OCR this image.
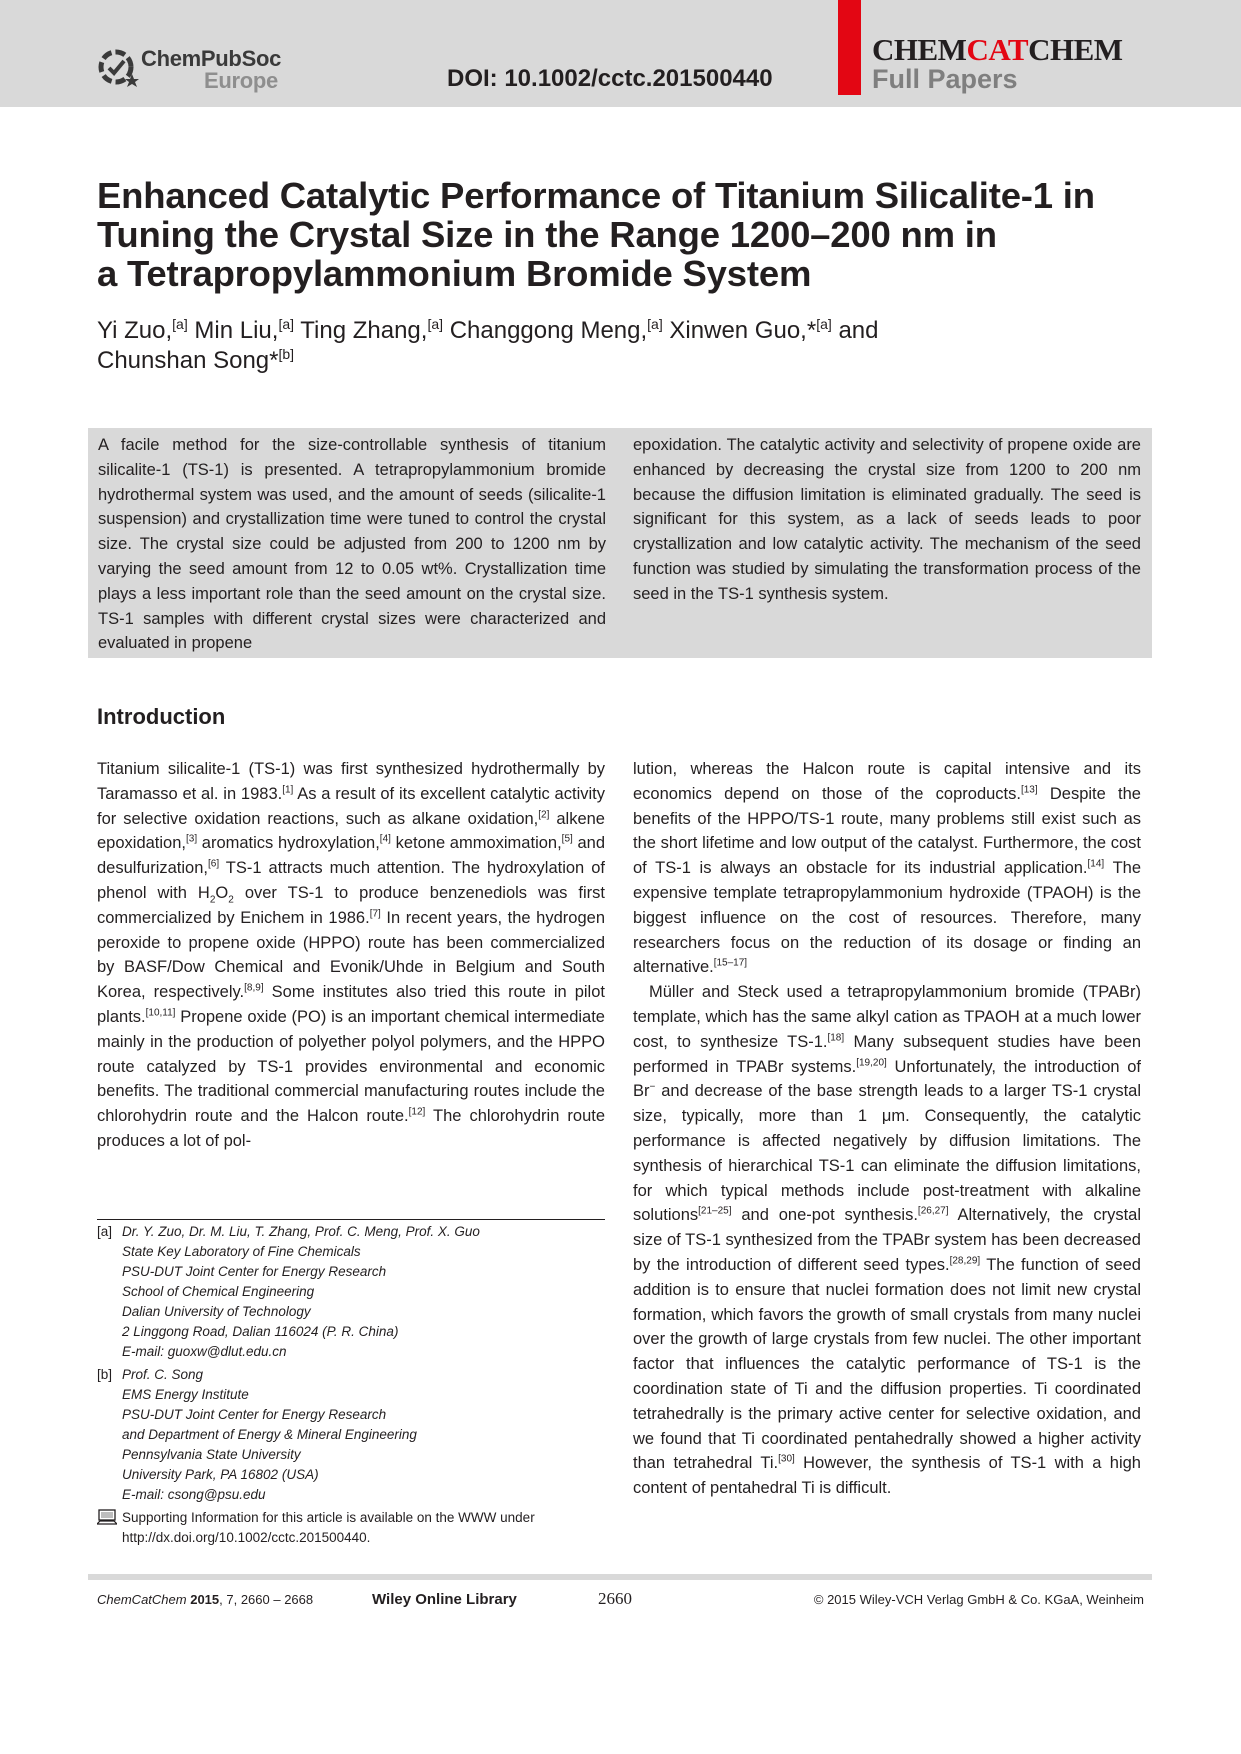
ChemPubSoc
Europe	DOI: 10.1002/cctc.201500440
CHEMCATCHEM
Full Papers
Enhanced Catalytic Performance of Titanium Silicalite-1 in
Tuning the Crystal Size in the Range 1200–200 nm in
a Tetrapropylammonium Bromide System
Yi Zuo,[a] Min Liu,[a] Ting Zhang,[a] Changgong Meng,[a] Xinwen Guo,*[a] and
Chunshan Song*[b]
A facile method for the size-controllable synthesis of titanium silicalite-1 (TS-1) is presented. A tetrapropylammonium bromide hydrothermal system was used, and the amount of seeds (silicalite-1 suspension) and crystallization time were tuned to control the crystal size. The crystal size could be adjusted from 200 to 1200 nm by varying the seed amount from 12 to 0.05 wt%. Crystallization time plays a less important role than the seed amount on the crystal size. TS-1 samples with different crystal sizes were characterized and evaluated in propene
epoxidation. The catalytic activity and selectivity of propene oxide are enhanced by decreasing the crystal size from 1200 to 200 nm because the diffusion limitation is eliminated gradually. The seed is significant for this system, as a lack of seeds leads to poor crystallization and low catalytic activity. The mechanism of the seed function was studied by simulating the transformation process of the seed in the TS-1 synthesis system.
Introduction

Titanium silicalite-1 (TS-1) was first synthesized hydrothermally by Taramasso et al. in 1983.[1] As a result of its excellent catalytic activity for selective oxidation reactions, such as alkane oxidation,[2] alkene epoxidation,[3] aromatics hydroxylation,[4] ketone ammoximation,[5] and desulfurization,[6] TS-1 attracts much attention. The hydroxylation of phenol with $H_2O_2$ over TS-1 to produce benzenediols was first commercialized by Enichem in 1986.[7] In recent years, the hydrogen peroxide to propene oxide (HPPO) route has been commercialized by BASF/Dow Chemical and Evonik/Uhde in Belgium and South Korea, respectively.[8,9] Some institutes also tried this route in pilot plants.[10,11] Propene oxide (PO) is an important chemical intermediate mainly in the production of polyether polyol polymers, and the HPPO route catalyzed by TS-1 provides environmental and economic benefits. The traditional commercial manufacturing routes include the chlorohydrin route and the Halcon route.[12] The chlorohydrin route produces a lot of pol-

lution, whereas the Halcon route is capital intensive and its economics depend on those of the coproducts.[13] Despite the benefits of the HPPO/TS-1 route, many problems still exist such as the short lifetime and low output of the catalyst. Furthermore, the cost of TS-1 is always an obstacle for its industrial application.[14] The expensive template tetrapropylammonium hydroxide (TPAOH) is the biggest influence on the cost of resources. Therefore, many researchers focus on the reduction of its dosage or finding an alternative.[15–17]

Müller and Steck used a tetrapropylammonium bromide (TPABr) template, which has the same alkyl cation as TPAOH at a much lower cost, to synthesize TS-1.[18] Many subsequent studies have been performed in TPABr systems.[19,20] Unfortunately, the introduction of Br− and decrease of the base strength leads to a larger TS-1 crystal size, typically, more than 1 μm. Consequently, the catalytic performance is affected negatively by diffusion limitations. The synthesis of hierarchical TS-1 can eliminate the diffusion limitations, for which typical methods include post-treatment with alkaline solutions[21–25] and one-pot synthesis.[26,27] Alternatively, the crystal size of TS-1 synthesized from the TPABr system has been decreased by the introduction of different seed types.[28,29] The function of seed addition is to ensure that nuclei formation does not limit new crystal formation, which favors the growth of small crystals from many nuclei over the growth of large crystals from few nuclei. The other important factor that influences the catalytic performance of TS-1 is the coordination state of Ti and the diffusion properties. Ti coordinated tetrahedrally is the primary active center for selective oxidation, and we found that Ti coordinated pentahedrally showed a higher activity than tetrahedral Ti.[30] However, the synthesis of TS-1 with a high content of pentahedral Ti is difficult.

[a] Dr. Y. Zuo, Dr. M. Liu, T. Zhang, Prof. C. Meng, Prof. X. Guo
State Key Laboratory of Fine Chemicals
PSU-DUT Joint Center for Energy Research
School of Chemical Engineering
Dalian University of Technology
2 Linggong Road, Dalian 116024 (P. R. China)
E-mail: guoxw@dlut.edu.cn
[b] Prof. C. Song
EMS Energy Institute
PSU-DUT Joint Center for Energy Research
and Department of Energy & Mineral Engineering
Pennsylvania State University
University Park, PA 16802 (USA)
E-mail: csong@psu.edu
Supporting Information for this article is available on the WWW under http://dx.doi.org/10.1002/cctc.201500440.
ChemCatChem 2015, 7, 2660 – 2668	Wiley Online Library	2660	© 2015 Wiley-VCH Verlag GmbH & Co. KGaA, Weinheim
